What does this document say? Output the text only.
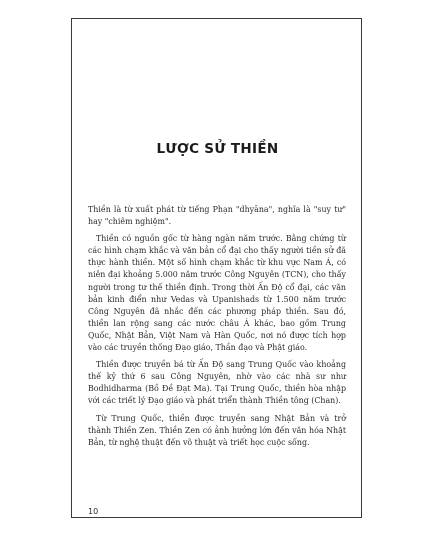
LƯỢC SỬ THIỀN

Thiền là từ xuất phát từ tiếng Phạn "dhyāna", nghĩa là "suy tư" hay "chiêm nghiệm".

Thiền có nguồn gốc từ hàng ngàn năm trước. Bằng chứng từ các hình chạm khắc và văn bản cổ đại cho thấy người tiền sử đã thực hành thiền. Một số hình chạm khắc từ khu vực Nam Á, có niên đại khoảng 5.000 năm trước Công Nguyên (TCN), cho thấy người trong tư thế thiền định. Trong thời Ấn Độ cổ đại, các văn bản kinh điển như Vedas và Upanishads từ 1.500 năm trước Công Nguyên đã nhắc đến các phương pháp thiền. Sau đó, thiền lan rộng sang các nước châu Á khác, bao gồm Trung Quốc, Nhật Bản, Việt Nam và Hàn Quốc, nơi nó được tích hợp vào các truyền thống Đạo giáo, Thần đạo và Phật giáo.

Thiền được truyền bá từ Ấn Độ sang Trung Quốc vào khoảng thế kỷ thứ 6 sau Công Nguyên, nhờ vào các nhà sư như Bodhidharma (Bồ Đề Đạt Ma). Tại Trung Quốc, thiền hòa nhập với các triết lý Đạo giáo và phát triển thành Thiền tông (Chan).

Từ Trung Quốc, thiền được truyền sang Nhật Bản và trở thành Thiền Zen. Thiền Zen có ảnh hưởng lớn đến văn hóa Nhật Bản, từ nghệ thuật đến võ thuật và triết học cuộc sống.

10
